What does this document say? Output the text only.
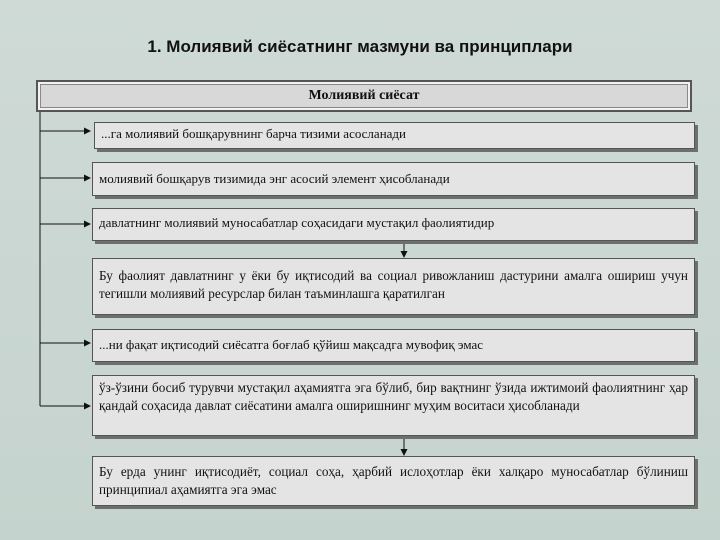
1. Молиявий сиёсатнинг мазмуни ва принциплари
Молиявий сиёсат
...га молиявий бошқарувнинг барча тизими асосланади
молиявий бошқарув тизимида энг асосий элемент ҳисобланади
давлатнинг молиявий муносабатлар соҳасидаги мустақил фаолиятидир
Бу фаолият давлатнинг у ёки бу иқтисодий ва социал ривожланиш дастурини амалга ошириш учун тегишли молиявий ресурслар билан таъминлашга қаратилган
...ни фақат иқтисодий сиёсатга боғлаб қўйиш мақсадга мувофиқ эмас
ўз-ўзини босиб турувчи мустақил аҳамиятга эга бўлиб, бир вақтнинг ўзида ижтимоий фаолиятнинг ҳар қандай соҳасида давлат сиёсатини амалга оширишнинг муҳим воситаси ҳисобланади
Бу ерда унинг иқтисодиёт, социал соҳа, ҳарбий ислоҳотлар ёки халқаро муносабатлар бўлиниш принципиал аҳамиятга эга эмас
